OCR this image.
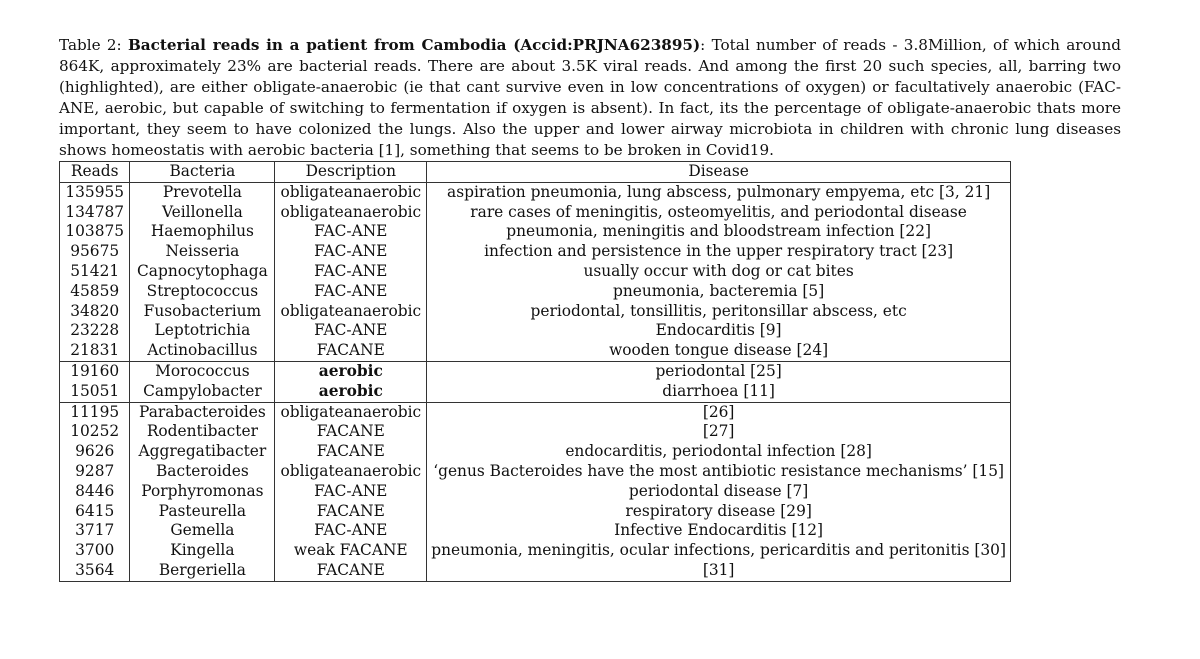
Table 2: Bacterial reads in a patient from Cambodia (Accid:PRJNA623895): Total number of reads - 3.8Million, of which around 864K, approximately 23% are bacterial reads. There are about 3.5K viral reads. And among the first 20 such species, all, barring two (highlighted), are either obligate-anaerobic (ie that cant survive even in low concentrations of oxygen) or facultatively anaerobic (FAC-ANE, aerobic, but capable of switching to fermentation if oxygen is absent). In fact, its the percentage of obligate-anaerobic thats more important, they seem to have colonized the lungs. Also the upper and lower airway microbiota in children with chronic lung diseases shows homeostatis with aerobic bacteria [1], something that seems to be broken in Covid19.
Reads	Bacteria	Description	Disease
135955	Prevotella	obligateanaerobic	aspiration pneumonia, lung abscess, pulmonary empyema, etc [3, 21]
134787	Veillonella	obligateanaerobic	rare cases of meningitis, osteomyelitis, and periodontal disease
103875	Haemophilus	FAC-ANE	pneumonia, meningitis and bloodstream infection [22]
95675	Neisseria	FAC-ANE	infection and persistence in the upper respiratory tract [23]
51421	Capnocytophaga	FAC-ANE	usually occur with dog or cat bites
45859	Streptococcus	FAC-ANE	pneumonia, bacteremia [5]
34820	Fusobacterium	obligateanaerobic	periodontal, tonsillitis, peritonsillar abscess, etc
23228	Leptotrichia	FAC-ANE	Endocarditis [9]
21831	Actinobacillus	FACANE	wooden tongue disease [24]
19160	Morococcus	aerobic	periodontal [25]
15051	Campylobacter	aerobic	diarrhoea [11]
11195	Parabacteroides	obligateanaerobic	[26]
10252	Rodentibacter	FACANE	[27]
9626	Aggregatibacter	FACANE	endocarditis, periodontal infection [28]
9287	Bacteroides	obligateanaerobic	‘genus Bacteroides have the most antibiotic resistance mechanisms’ [15]
8446	Porphyromonas	FAC-ANE	periodontal disease [7]
6415	Pasteurella	FACANE	respiratory disease [29]
3717	Gemella	FAC-ANE	Infective Endocarditis [12]
3700	Kingella	weak FACANE	pneumonia, meningitis, ocular infections, pericarditis and peritonitis [30]
3564	Bergeriella	FACANE	[31]
